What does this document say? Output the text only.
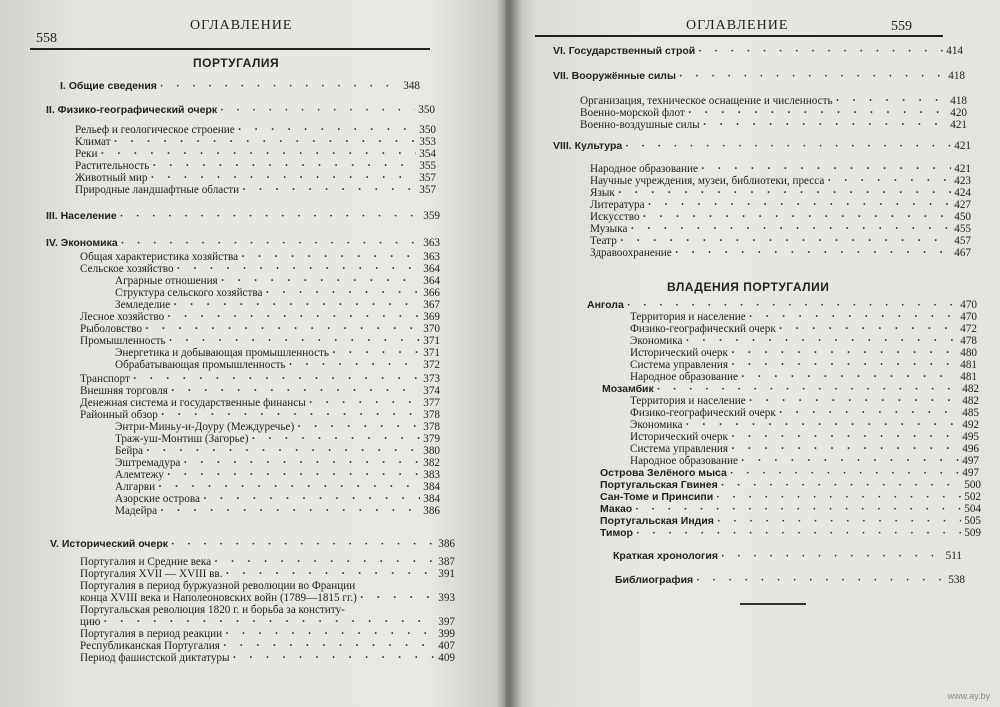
558
ОГЛАВЛЕНИЕ
ПОРТУГАЛИЯ
I. Общие сведения · · ·	348
II. Физико-географический очерк · · ·	350
Рельеф и геологическое строение · · ·	350
Климат · · ·	353
Реки · · ·	354
Растительность · · ·	355
Животный мир · · ·	357
Природные ландшафтные области · · ·	357
III. Население · · ·	359
IV. Экономика · · ·	363
Общая характеристика хозяйства · · ·	363
Сельское хозяйство · · ·	364
Аграрные отношения · · ·	364
Структура сельского хозяйства · · ·	366
Земледелие · · ·	367
Лесное хозяйство · · ·	369
Рыболовство · · ·	370
Промышленность · · ·	371
Энергетика и добывающая промышленность · · ·	371
Обрабатывающая промышленность · · ·	372
Транспорт · · ·	373
Внешняя торговля · · ·	374
Денежная система и государственные финансы · · ·	377
Районный обзор · · ·	378
Энтри-Миньу-и-Доуру (Междуречье) · · ·	378
Траж-уш-Монтиш (Загорье) · · ·	379
Бейра · · ·	380
Эштремадура · · ·	382
Алемтежу · · ·	383
Алгарви · · ·	384
Азорские острова · · ·	384
Мадейра · · ·	386
V. Исторический очерк · · ·	386
Португалия и Средние века · · ·	387
Португалия XVII — XVIII вв. · · ·	391
Португалия в период буржуазной революции во Франции
конца XVIII века и Наполеоновских войн (1789—1815 гг.) · · ·	393
Португальская революция 1820 г. и борьба за конститу-
цию · · ·	397
Португалия в период реакции · · ·	399
Республиканская Португалия · · ·	407
Период фашистской диктатуры · · ·	409
ОГЛАВЛЕНИЕ	559
ВЛАДЕНИЯ ПОРТУГАЛИИ
VI. Государственный строй · · ·	414
VII. Вооружённые силы · · ·	418
Организация, техническое оснащение и численность · · ·	418
Военно-морской флот · · ·	420
Военно-воздушные силы · · ·	421
VIII. Культура · · ·	421
Народное образование · · ·	421
Научные учреждения, музеи, библиотеки, пресса · · ·	423
Язык · · ·	424
Литература · · ·	427
Искусство · · ·	450
Музыка · · ·	455
Театр · · ·	457
Здравоохранение · · ·	467
Ангола · · ·	470
Территория и население · · ·	470
Физико-географический очерк · · ·	472
Экономика · · ·	478
Исторический очерк · · ·	480
Система управления · · ·	481
Народное образование · · ·	481
Мозамбик · · ·	482
Территория и население · · ·	482
Физико-географический очерк · · ·	485
Экономика · · ·	492
Исторический очерк · · ·	495
Система управления · · ·	496
Народное образование · · ·	497
Острова Зелёного мыса · · ·	497
Португальская Гвинея · · ·	500
Сан-Томе и Принсипи · · ·	502
Макао · · ·	504
Португальская Индия · · ·	505
Тимор · · ·	509
Краткая хронология · · ·	511
Библиография · · ·	538
www.ay.by
